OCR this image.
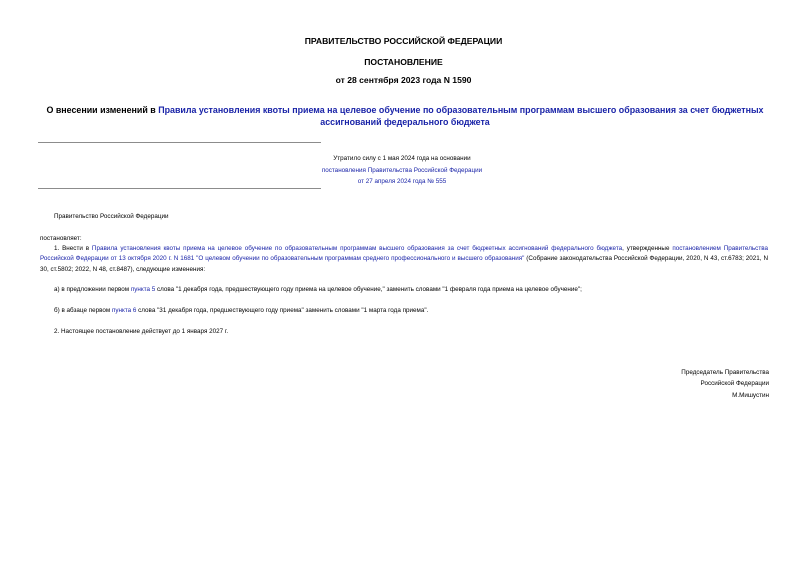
ПРАВИТЕЛЬСТВО РОССИЙСКОЙ ФЕДЕРАЦИИ
ПОСТАНОВЛЕНИЕ
от 28 сентября 2023 года N 1590
О внесении изменений в Правила установления квоты приема на целевое обучение по образовательным программам высшего образования за счет бюджетных ассигнований федерального бюджета
Утратило силу с 1 мая 2024 года на основании
постановления Правительства Российской Федерации
от 27 апреля 2024 года № 555
Правительство Российской Федерации
постановляет:
1. Внести в Правила установления квоты приема на целевое обучение по образовательным программам высшего образования за счет бюджетных ассигнований федерального бюджета, утвержденные постановлением Правительства Российской Федерации от 13 октября 2020 г. N 1681 "О целевом обучении по образовательным программам среднего профессионального и высшего образования" (Собрание законодательства Российской Федерации, 2020, N 43, ст.6783; 2021, N 30, ст.5802; 2022, N 48, ст.8487), следующие изменения:
а) в предложении первом пункта 5 слова "1 декабря года, предшествующего году приема на целевое обучение," заменить словами "1 февраля года приема на целевое обучение";
б) в абзаце первом пункта 6 слова "31 декабря года, предшествующего году приема" заменить словами "1 марта года приема".
2. Настоящее постановление действует до 1 января 2027 г.
Председатель Правительства
Российской Федерации
М.Мишустин
